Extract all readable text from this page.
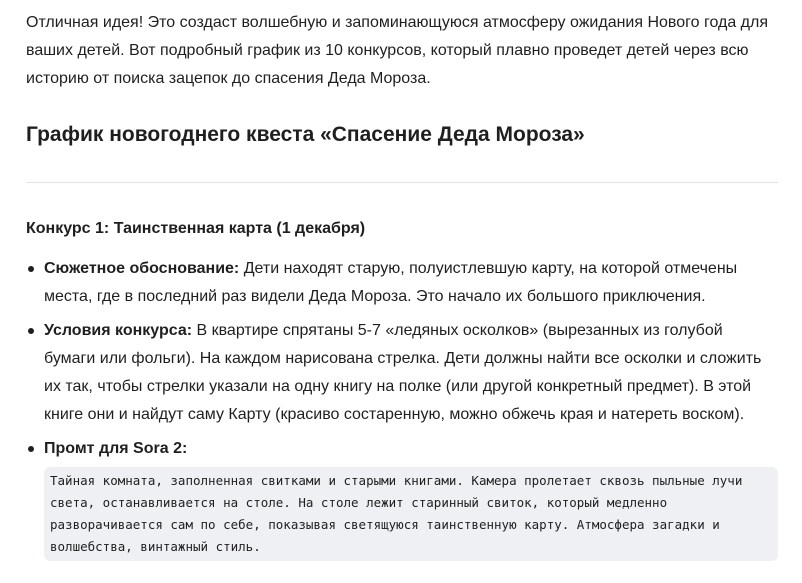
Отличная идея! Это создаст волшебную и запоминающуюся атмосферу ожидания Нового года для ваших детей. Вот подробный график из 10 конкурсов, который плавно проведет детей через всю историю от поиска зацепок до спасения Деда Мороза.

График новогоднего квеста «Спасение Деда Мороза»
Конкурс 1: Таинственная карта (1 декабря)
Сюжетное обоснование: Дети находят старую, полуистлевшую карту, на которой отмечены места, где в последний раз видели Деда Мороза. Это начало их большого приключения.
Условия конкурса: В квартире спрятаны 5-7 «ледяных осколков» (вырезанных из голубой бумаги или фольги). На каждом нарисована стрелка. Дети должны найти все осколки и сложить их так, чтобы стрелки указали на одну книгу на полке (или другой конкретный предмет). В этой книге они и найдут саму Карту (красиво состаренную, можно обжечь края и натереть воском).
Промт для Sora 2:
Тайная комната, заполненная свитками и старыми книгами. Камера пролетает сквозь пыльные лучи света, останавливается на столе. На столе лежит старинный свиток, который медленно разворачивается сам по себе, показывая светящуюся таинственную карту. Атмосфера загадки и волшебства, винтажный стиль.
